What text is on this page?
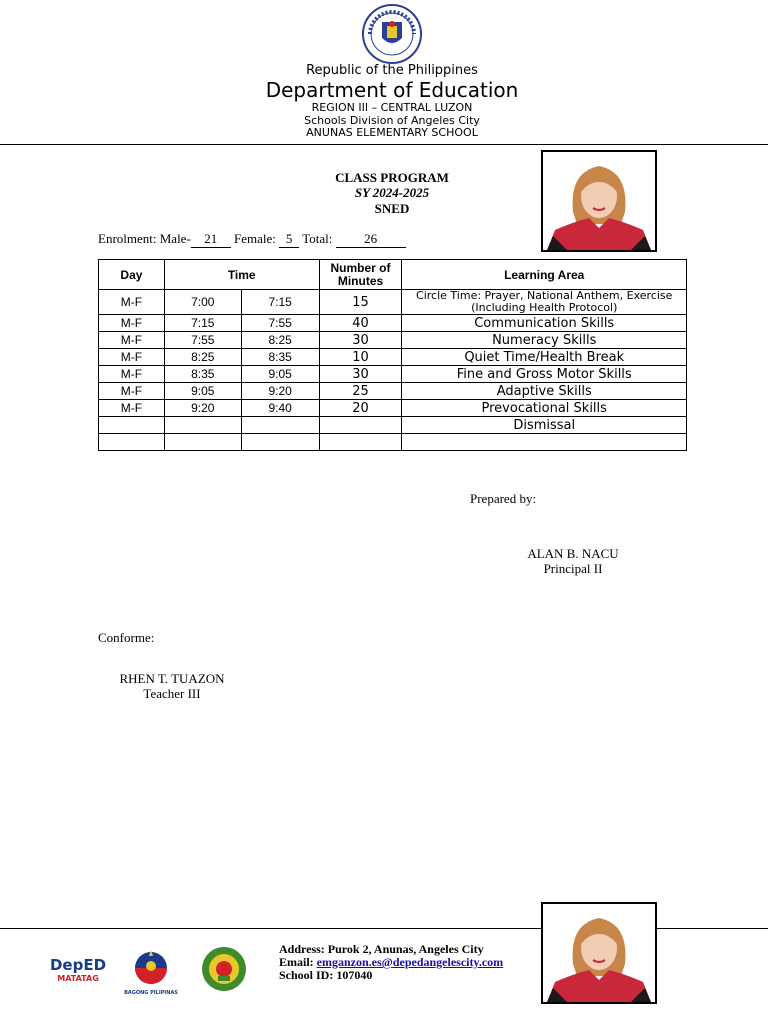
Republic of the Philippines
Department of Education
REGION III – CENTRAL LUZON
Schools Division of Angeles City
ANUNAS ELEMENTARY SCHOOL
CLASS PROGRAM
SY 2024-2025
SNED
Enrolment: Male- 21 Female: 5 Total: 26
Day	Time		Number of Minutes	Learning Area
M-F	7:00	7:15	15	Circle Time: Prayer, National Anthem, Exercise (Including Health Protocol)
M-F	7:15	7:55	40	Communication Skills
M-F	7:55	8:25	30	Numeracy Skills
M-F	8:25	8:35	10	Quiet Time/Health Break
M-F	8:35	9:05	30	Fine and Gross Motor Skills
M-F	9:05	9:20	25	Adaptive Skills
M-F	9:20	9:40	20	Prevocational Skills
				Dismissal

Prepared by:
ALAN B. NACU
Principal II
Conforme:
RHEN T. TUAZON
Teacher III
DepED
MATATAG
BAGONG PILIPINAS
Address: Purok 2, Anunas, Angeles City
Email: emganzon.es@depedangelescity.com
School ID: 107040
